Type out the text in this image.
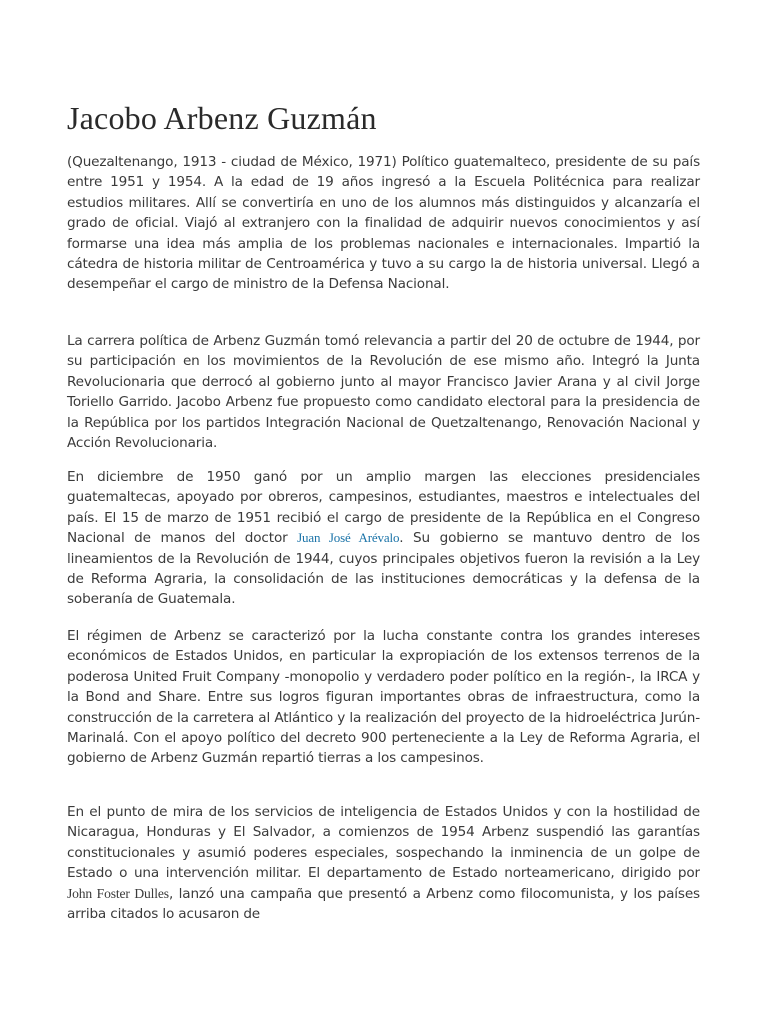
Jacobo Arbenz Guzmán

(Quezaltenango, 1913 - ciudad de México, 1971) Político guatemalteco, presidente de su país entre 1951 y 1954. A la edad de 19 años ingresó a la Escuela Politécnica para realizar estudios militares. Allí se convertiría en uno de los alumnos más distinguidos y alcanzaría el grado de oficial. Viajó al extranjero con la finalidad de adquirir nuevos conocimientos y así formarse una idea más amplia de los problemas nacionales e internacionales. Impartió la cátedra de historia militar de Centroamérica y tuvo a su cargo la de historia universal. Llegó a desempeñar el cargo de ministro de la Defensa Nacional.

La carrera política de Arbenz Guzmán tomó relevancia a partir del 20 de octubre de 1944, por su participación en los movimientos de la Revolución de ese mismo año. Integró la Junta Revolucionaria que derrocó al gobierno junto al mayor Francisco Javier Arana y al civil Jorge Toriello Garrido. Jacobo Arbenz fue propuesto como candidato electoral para la presidencia de la República por los partidos Integración Nacional de Quetzaltenango, Renovación Nacional y Acción Revolucionaria.

En diciembre de 1950 ganó por un amplio margen las elecciones presidenciales guatemaltecas, apoyado por obreros, campesinos, estudiantes, maestros e intelectuales del país. El 15 de marzo de 1951 recibió el cargo de presidente de la República en el Congreso Nacional de manos del doctor Juan José Arévalo. Su gobierno se mantuvo dentro de los lineamientos de la Revolución de 1944, cuyos principales objetivos fueron la revisión a la Ley de Reforma Agraria, la consolidación de las instituciones democráticas y la defensa de la soberanía de Guatemala.

El régimen de Arbenz se caracterizó por la lucha constante contra los grandes intereses económicos de Estados Unidos, en particular la expropiación de los extensos terrenos de la poderosa United Fruit Company -monopolio y verdadero poder político en la región-, la IRCA y la Bond and Share. Entre sus logros figuran importantes obras de infraestructura, como la construcción de la carretera al Atlántico y la realización del proyecto de la hidroeléctrica Jurún-Marinalá. Con el apoyo político del decreto 900 perteneciente a la Ley de Reforma Agraria, el gobierno de Arbenz Guzmán repartió tierras a los campesinos.

En el punto de mira de los servicios de inteligencia de Estados Unidos y con la hostilidad de Nicaragua, Honduras y El Salvador, a comienzos de 1954 Arbenz suspendió las garantías constitucionales y asumió poderes especiales, sospechando la inminencia de un golpe de Estado o una intervención militar. El departamento de Estado norteamericano, dirigido por John Foster Dulles, lanzó una campaña que presentó a Arbenz como filocomunista, y los países arriba citados lo acusaron de
